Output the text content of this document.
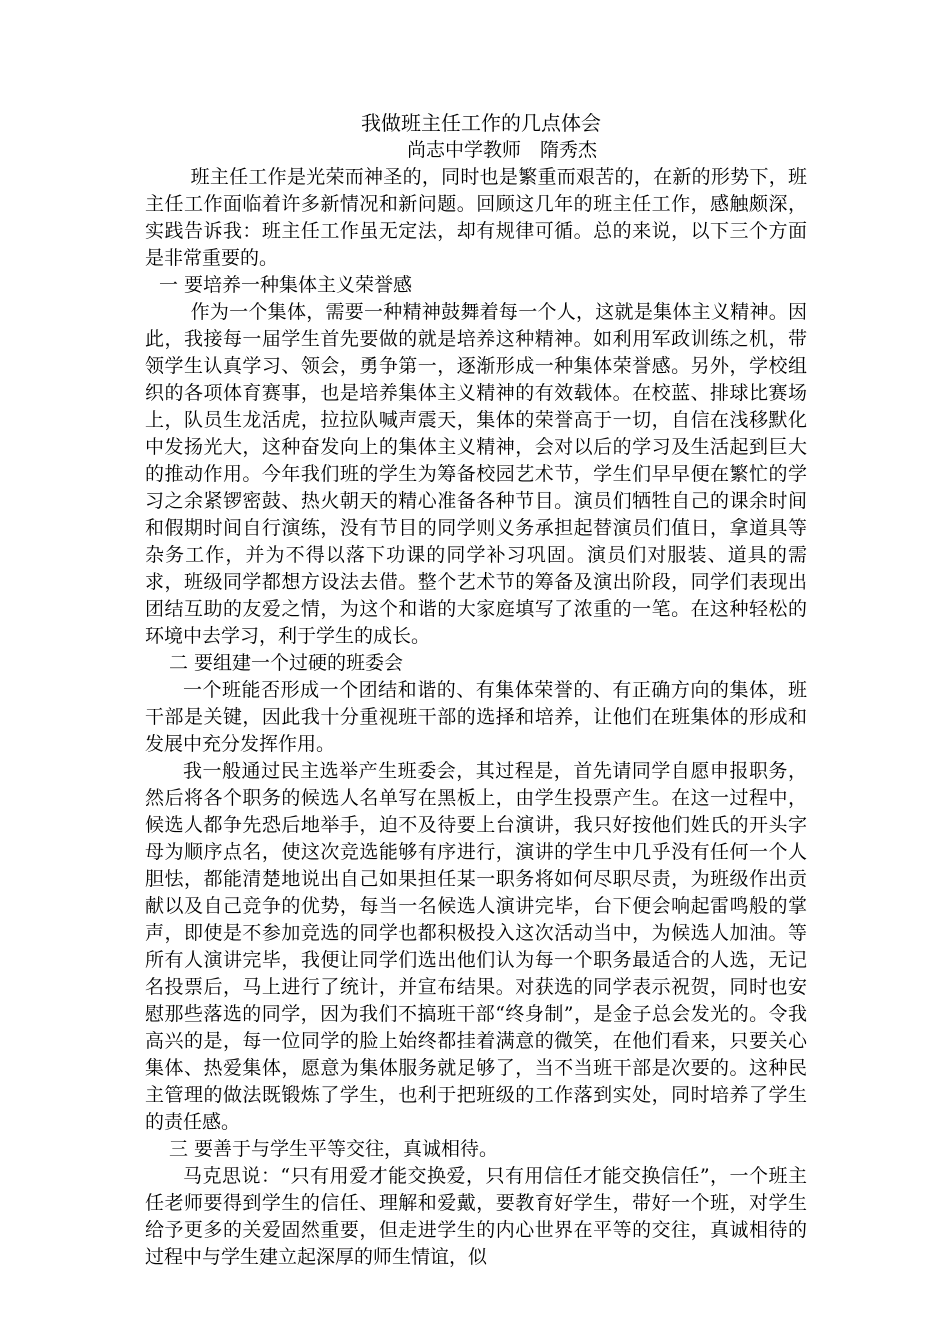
我做班主任工作的几点体会

尚志中学教师　隋秀杰

班主任工作是光荣而神圣的，同时也是繁重而艰苦的，在新的形势下，班主任工作面临着许多新情况和新问题。回顾这几年的班主任工作，感触颇深，实践告诉我：班主任工作虽无定法，却有规律可循。总的来说，以下三个方面是非常重要的。

一 要培养一种集体主义荣誉感

作为一个集体，需要一种精神鼓舞着每一个人，这就是集体主义精神。因此，我接每一届学生首先要做的就是培养这种精神。如利用军政训练之机，带领学生认真学习、领会，勇争第一，逐渐形成一种集体荣誉感。另外，学校组织的各项体育赛事，也是培养集体主义精神的有效载体。在校蓝、排球比赛场上，队员生龙活虎，拉拉队喊声震天，集体的荣誉高于一切，自信在浅移默化中发扬光大，这种奋发向上的集体主义精神，会对以后的学习及生活起到巨大的推动作用。今年我们班的学生为筹备校园艺术节，学生们早早便在繁忙的学习之余紧锣密鼓、热火朝天的精心准备各种节目。演员们牺牲自己的课余时间和假期时间自行演练，没有节目的同学则义务承担起替演员们值日，拿道具等杂务工作，并为不得以落下功课的同学补习巩固。演员们对服装、道具的需求，班级同学都想方设法去借。整个艺术节的筹备及演出阶段，同学们表现出团结互助的友爱之情，为这个和谐的大家庭填写了浓重的一笔。在这种轻松的环境中去学习，利于学生的成长。

二 要组建一个过硬的班委会

一个班能否形成一个团结和谐的、有集体荣誉的、有正确方向的集体，班干部是关键，因此我十分重视班干部的选择和培养，让他们在班集体的形成和发展中充分发挥作用。

我一般通过民主选举产生班委会，其过程是，首先请同学自愿申报职务，然后将各个职务的候选人名单写在黑板上，由学生投票产生。在这一过程中，候选人都争先恐后地举手，迫不及待要上台演讲，我只好按他们姓氏的开头字母为顺序点名，使这次竞选能够有序进行，演讲的学生中几乎没有任何一个人胆怯，都能清楚地说出自己如果担任某一职务将如何尽职尽责，为班级作出贡献以及自己竞争的优势，每当一名候选人演讲完毕，台下便会响起雷鸣般的掌声，即使是不参加竞选的同学也都积极投入这次活动当中，为候选人加油。等所有人演讲完毕，我便让同学们选出他们认为每一个职务最适合的人选，无记名投票后，马上进行了统计，并宣布结果。对获选的同学表示祝贺，同时也安慰那些落选的同学，因为我们不搞班干部“终身制”，是金子总会发光的。令我高兴的是，每一位同学的脸上始终都挂着满意的微笑，在他们看来，只要关心集体、热爱集体，愿意为集体服务就足够了，当不当班干部是次要的。这种民主管理的做法既锻炼了学生，也利于把班级的工作落到实处，同时培养了学生的责任感。

三 要善于与学生平等交往，真诚相待。

马克思说：“只有用爱才能交换爱，只有用信任才能交换信任”，一个班主任老师要得到学生的信任、理解和爱戴，要教育好学生，带好一个班，对学生给予更多的关爱固然重要，但走进学生的内心世界在平等的交往，真诚相待的过程中与学生建立起深厚的师生情谊，似
